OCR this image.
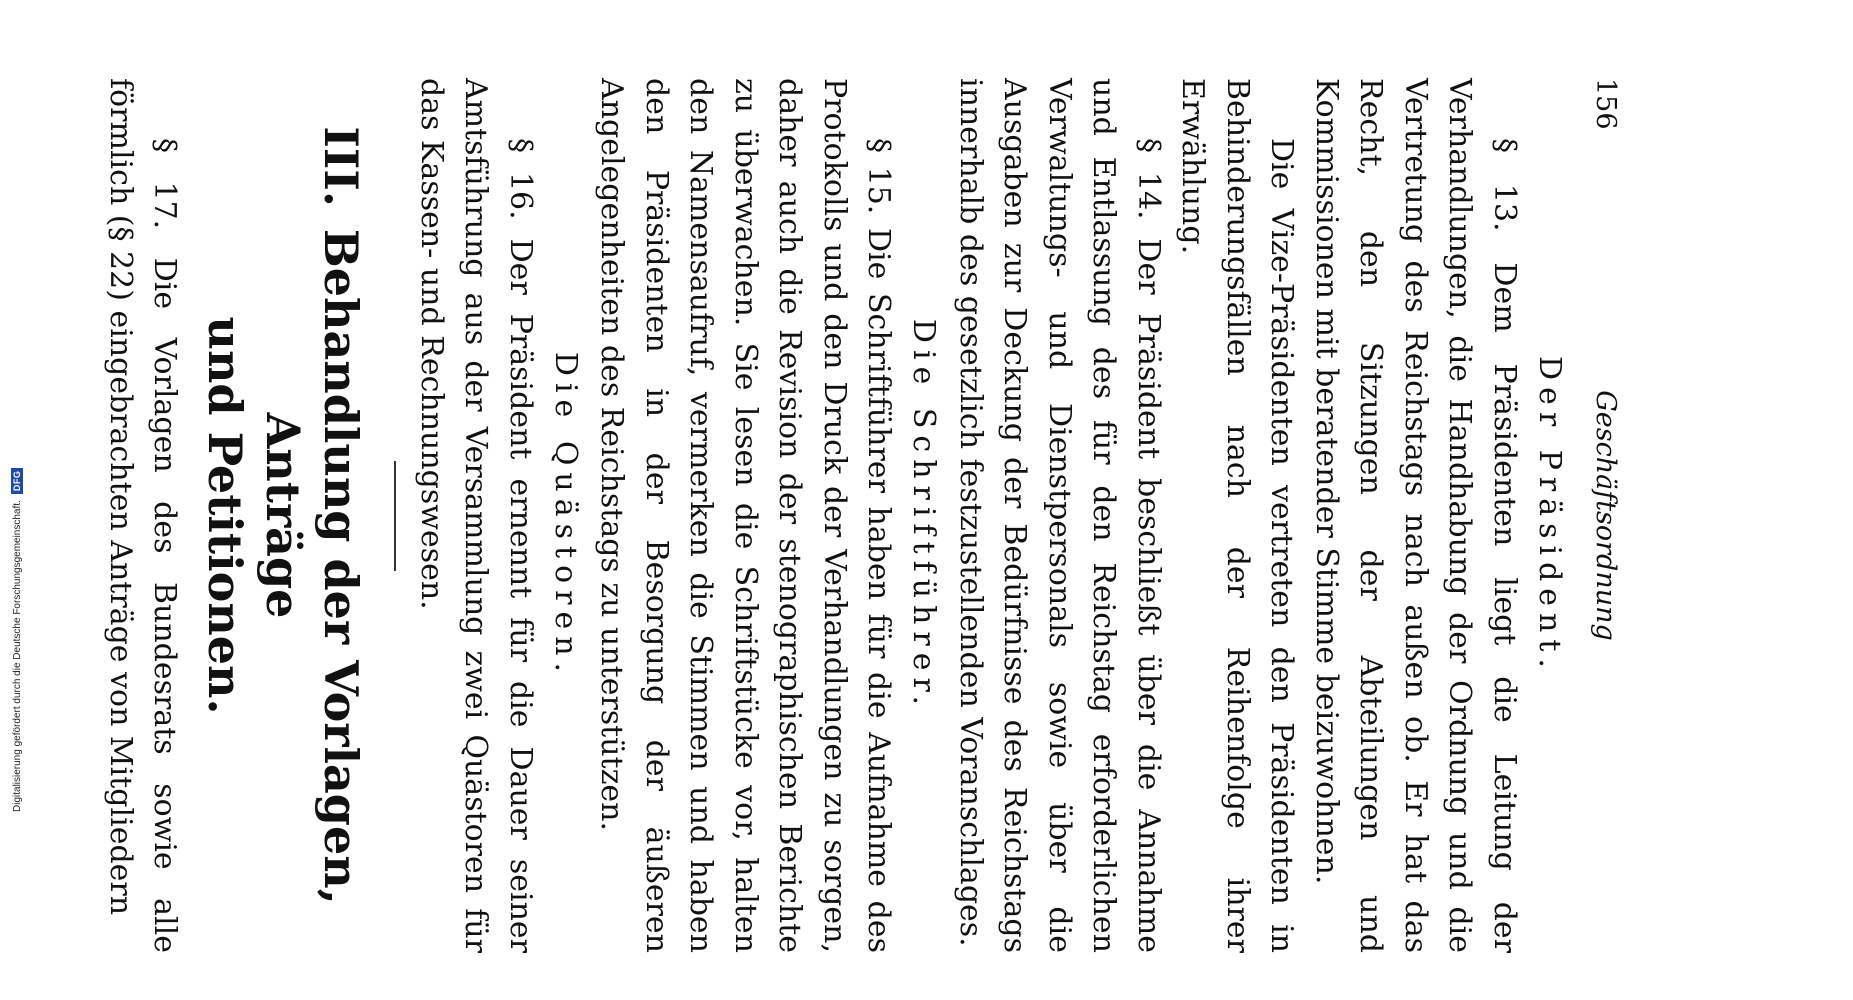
Digitalisierung gefördert durch die Deutsche Forschungsgemeinschaft.
DFG
156
Geschäftsordnung
Der Präsident.

§ 13. Dem Präsidenten liegt die Leitung der Verhandlungen, die Handhabung der Ordnung und die Vertretung des Reichstags nach außen ob. Er hat das Recht, den Sitzungen der Abteilungen und Kommissionen mit beratender Stimme beizuwohnen.

Die Vize-Präsidenten vertreten den Präsidenten in Behinderungsfällen nach der Reihenfolge ihrer Erwählung.

§ 14. Der Präsident beschließt über die Annahme und Entlassung des für den Reichstag erforderlichen Verwaltungs- und Dienstpersonals sowie über die Ausgaben zur Deckung der Bedürfnisse des Reichstags innerhalb des gesetzlich festzustellenden Voranschlages.

Die Schriftführer.

§ 15. Die Schriftführer haben für die Aufnahme des Protokolls und den Druck der Verhandlungen zu sorgen, daher auch die Revision der stenographischen Berichte zu überwachen. Sie lesen die Schriftstücke vor, halten den Namensaufruf, vermerken die Stimmen und haben den Präsidenten in der Besorgung der äußeren Angelegenheiten des Reichstags zu unterstützen.

Die Quästoren.

§ 16. Der Präsident ernennt für die Dauer seiner Amtsführung aus der Versammlung zwei Quästoren für das Kassen- und Rechnungswesen.

III.Behandlung der Vorlagen, Anträge
und Petitionen.

§ 17. Die Vorlagen des Bundesrats sowie alle förmlich (§ 22) eingebrachten Anträge von Mitgliedern
